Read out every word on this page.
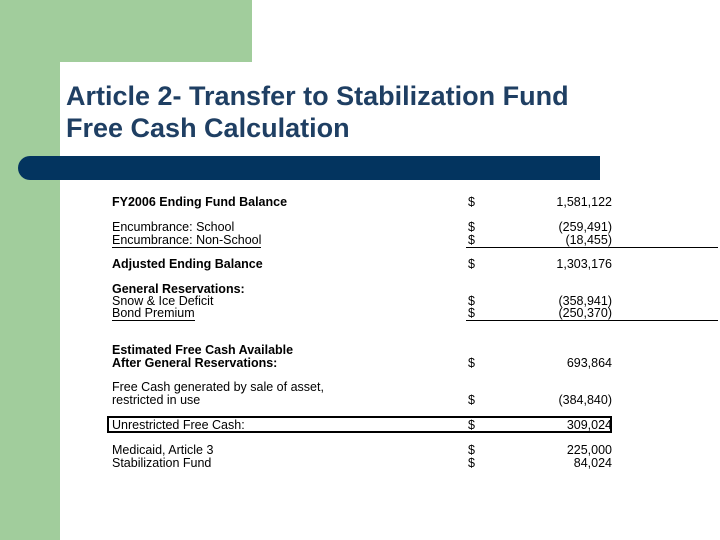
Article 2- Transfer to Stabilization Fund
Free Cash Calculation
FY2006 Ending Fund Balance	$	1,581,122
Encumbrance: School	$	(259,491)
Encumbrance: Non-School	$	(18,455)
Adjusted Ending Balance	$	1,303,176
General Reservations:
Snow & Ice Deficit	$	(358,941)
Bond Premium	$	(250,370)
Estimated Free Cash Available
After General Reservations:	$	693,864
Free Cash generated by sale of asset,
restricted in use	$	(384,840)
Unrestricted Free Cash:	$	309,024
Medicaid, Article 3	$	225,000
Stabilization Fund	$	84,024
